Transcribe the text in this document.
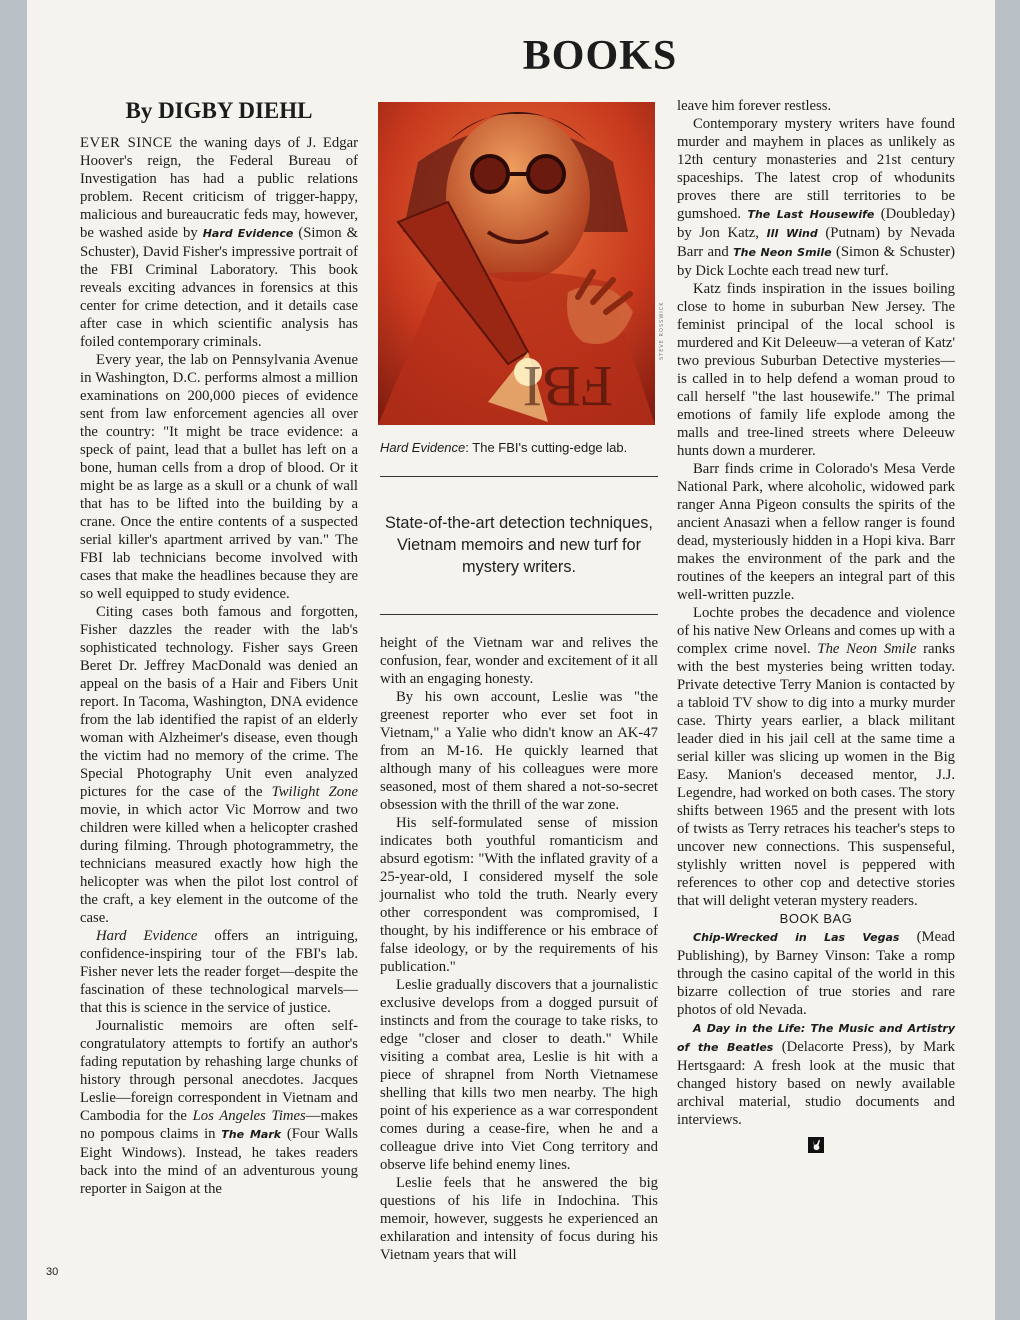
BOOKS
By DIGBY DIEHL

EVER SINCE the waning days of J. Edgar Hoover's reign, the Federal Bureau of Investigation has had a public relations problem. Recent criticism of trigger-happy, malicious and bureaucratic feds may, however, be washed aside by Hard Evidence (Simon & Schuster), David Fisher's impressive portrait of the FBI Criminal Laboratory. This book reveals exciting advances in forensics at this center for crime detection, and it details case after case in which scientific analysis has foiled contemporary criminals.

Every year, the lab on Pennsylvania Avenue in Washington, D.C. performs almost a million examinations on 200,000 pieces of evidence sent from law enforcement agencies all over the country: "It might be trace evidence: a speck of paint, lead that a bullet has left on a bone, human cells from a drop of blood. Or it might be as large as a skull or a chunk of wall that has to be lifted into the building by a crane. Once the entire contents of a suspected serial killer's apartment arrived by van." The FBI lab technicians become involved with cases that make the headlines because they are so well equipped to study evidence.

Citing cases both famous and forgotten, Fisher dazzles the reader with the lab's sophisticated technology. Fisher says Green Beret Dr. Jeffrey MacDonald was denied an appeal on the basis of a Hair and Fibers Unit report. In Tacoma, Washington, DNA evidence from the lab identified the rapist of an elderly woman with Alzheimer's disease, even though the victim had no memory of the crime. The Special Photography Unit even analyzed pictures for the case of the Twilight Zone movie, in which actor Vic Morrow and two children were killed when a helicopter crashed during filming. Through photogrammetry, the technicians measured exactly how high the helicopter was when the pilot lost control of the craft, a key element in the outcome of the case.

Hard Evidence offers an intriguing, confidence-inspiring tour of the FBI's lab. Fisher never lets the reader forget—despite the fascination of these technological marvels—that this is science in the service of justice.

Journalistic memoirs are often self-congratulatory attempts to fortify an author's fading reputation by rehashing large chunks of history through personal anecdotes. Jacques Leslie—foreign correspondent in Vietnam and Cambodia for the Los Angeles Times—makes no pompous claims in The Mark (Four Walls Eight Windows). Instead, he takes readers back into the mind of an adventurous young reporter in Saigon at the

FBI
STEVE ROSSWICK
Hard Evidence: The FBI's cutting-edge lab.
State-of-the-art detection techniques, Vietnam memoirs and new turf for mystery writers.

height of the Vietnam war and relives the confusion, fear, wonder and excitement of it all with an engaging honesty.

By his own account, Leslie was "the greenest reporter who ever set foot in Vietnam," a Yalie who didn't know an AK-47 from an M-16. He quickly learned that although many of his colleagues were more seasoned, most of them shared a not-so-secret obsession with the thrill of the war zone.

His self-formulated sense of mission indicates both youthful romanticism and absurd egotism: "With the inflated gravity of a 25-year-old, I considered myself the sole journalist who told the truth. Nearly every other correspondent was compromised, I thought, by his indifference or his embrace of false ideology, or by the requirements of his publication."

Leslie gradually discovers that a journalistic exclusive develops from a dogged pursuit of instincts and from the courage to take risks, to edge "closer and closer to death." While visiting a combat area, Leslie is hit with a piece of shrapnel from North Vietnamese shelling that kills two men nearby. The high point of his experience as a war correspondent comes during a cease-fire, when he and a colleague drive into Viet Cong territory and observe life behind enemy lines.

Leslie feels that he answered the big questions of his life in Indochina. This memoir, however, suggests he experienced an exhilaration and intensity of focus during his Vietnam years that will

leave him forever restless.

Contemporary mystery writers have found murder and mayhem in places as unlikely as 12th century monasteries and 21st century spaceships. The latest crop of whodunits proves there are still territories to be gumshoed. The Last Housewife (Doubleday) by Jon Katz, Ill Wind (Putnam) by Nevada Barr and The Neon Smile (Simon & Schuster) by Dick Lochte each tread new turf.

Katz finds inspiration in the issues boiling close to home in suburban New Jersey. The feminist principal of the local school is murdered and Kit Deleeuw—a veteran of Katz' two previous Suburban Detective mysteries—is called in to help defend a woman proud to call herself "the last housewife." The primal emotions of family life explode among the malls and tree-lined streets where Deleeuw hunts down a murderer.

Barr finds crime in Colorado's Mesa Verde National Park, where alcoholic, widowed park ranger Anna Pigeon consults the spirits of the ancient Anasazi when a fellow ranger is found dead, mysteriously hidden in a Hopi kiva. Barr makes the environment of the park and the routines of the keepers an integral part of this well-written puzzle.

Lochte probes the decadence and violence of his native New Orleans and comes up with a complex crime novel. The Neon Smile ranks with the best mysteries being written today. Private detective Terry Manion is contacted by a tabloid TV show to dig into a murky murder case. Thirty years earlier, a black militant leader died in his jail cell at the same time a serial killer was slicing up women in the Big Easy. Manion's deceased mentor, J.J. Legendre, had worked on both cases. The story shifts between 1965 and the present with lots of twists as Terry retraces his teacher's steps to uncover new connections. This suspenseful, stylishly written novel is peppered with references to other cop and detective stories that will delight veteran mystery readers.

BOOK BAG

Chip-Wrecked in Las Vegas (Mead Publishing), by Barney Vinson: Take a romp through the casino capital of the world in this bizarre collection of true stories and rare photos of old Nevada.

A Day in the Life: The Music and Artistry of the Beatles (Delacorte Press), by Mark Hertsgaard: A fresh look at the music that changed history based on newly available archival material, studio documents and interviews.

30
